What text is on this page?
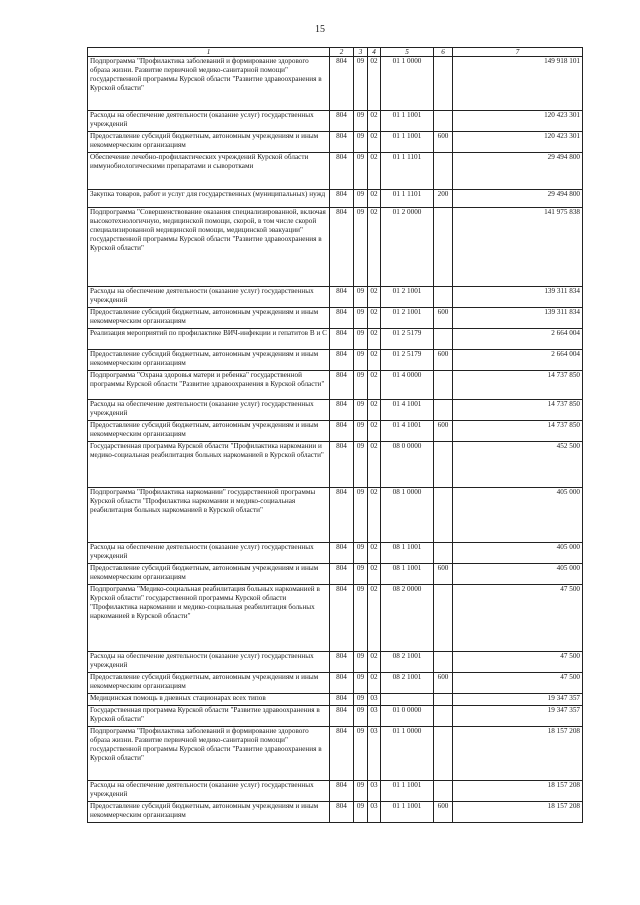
15
1	2	3	4	5	6	7
Подпрограмма "Профилактика заболеваний и формирование здорового образа жизни. Развитие первичной медико-санитарной помощи" государственной программы Курской области "Развитие здравоохранения в Курской области"	804	09	02	01 1 0000		149 918 101
Расходы на обеспечение деятельности (оказание услуг) государственных учреждений	804	09	02	01 1 1001		120 423 301
Предоставление субсидий бюджетным, автономным учреждениям и иным некоммерческим организациям	804	09	02	01 1 1001	600	120 423 301
Обеспечение лечебно-профилактических учреждений Курской области иммунобиологическими препаратами и сыворотками	804	09	02	01 1 1101		29 494 800
Закупка товаров, работ и услуг для государственных (муниципальных) нужд	804	09	02	01 1 1101	200	29 494 800
Подпрограмма "Совершенствование оказания специализированной, включая высокотехнологичную, медицинской помощи, скорой, в том числе скорой специализированной медицинской помощи, медицинской эвакуации" государственной программы Курской области "Развитие здравоохранения в Курской области"	804	09	02	01 2 0000		141 975 838
Расходы на обеспечение деятельности (оказание услуг) государственных учреждений	804	09	02	01 2 1001		139 311 834
Предоставление субсидий бюджетным, автономным учреждениям и иным некоммерческим организациям	804	09	02	01 2 1001	600	139 311 834
Реализация мероприятий по профилактике ВИЧ-инфекции и гепатитов В и С	804	09	02	01 2 5179		2 664 004
Предоставление субсидий бюджетным, автономным учреждениям и иным некоммерческим организациям	804	09	02	01 2 5179	600	2 664 004
Подпрограмма "Охрана здоровья матери и ребенка" государственной программы Курской области "Развитие здравоохранения в Курской области"	804	09	02	01 4 0000		14 737 850
Расходы на обеспечение деятельности (оказание услуг) государственных учреждений	804	09	02	01 4 1001		14 737 850
Предоставление субсидий бюджетным, автономным учреждениям и иным некоммерческим организациям	804	09	02	01 4 1001	600	14 737 850
Государственная программа Курской области "Профилактика наркомании и медико-социальная реабилитация больных наркоманией в Курской области"	804	09	02	08 0 0000		452 500
Подпрограмма "Профилактика наркомании" государственной программы Курской области "Профилактика наркомании и медико-социальная реабилитация больных наркоманией в Курской области"	804	09	02	08 1 0000		405 000
Расходы на обеспечение деятельности (оказание услуг) государственных учреждений	804	09	02	08 1 1001		405 000
Предоставление субсидий бюджетным, автономным учреждениям и иным некоммерческим организациям	804	09	02	08 1 1001	600	405 000
Подпрограмма "Медико-социальная реабилитация больных наркоманией в Курской области" государственной программы Курской области "Профилактика наркомании и медико-социальная реабилитация больных наркоманией в Курской области"	804	09	02	08 2 0000		47 500
Расходы на обеспечение деятельности (оказание услуг) государственных учреждений	804	09	02	08 2 1001		47 500
Предоставление субсидий бюджетным, автономным учреждениям и иным некоммерческим организациям	804	09	02	08 2 1001	600	47 500
Медицинская помощь в дневных стационарах всех типов	804	09	03			19 347 357
Государственная программа Курской области "Развитие здравоохранения в Курской области"	804	09	03	01 0 0000		19 347 357
Подпрограмма "Профилактика заболеваний и формирование здорового образа жизни. Развитие первичной медико-санитарной помощи" государственной программы Курской области "Развитие здравоохранения в Курской области"	804	09	03	01 1 0000		18 157 208
Расходы на обеспечение деятельности (оказание услуг) государственных учреждений	804	09	03	01 1 1001		18 157 208
Предоставление субсидий бюджетным, автономным учреждениям и иным некоммерческим организациям	804	09	03	01 1 1001	600	18 157 208
